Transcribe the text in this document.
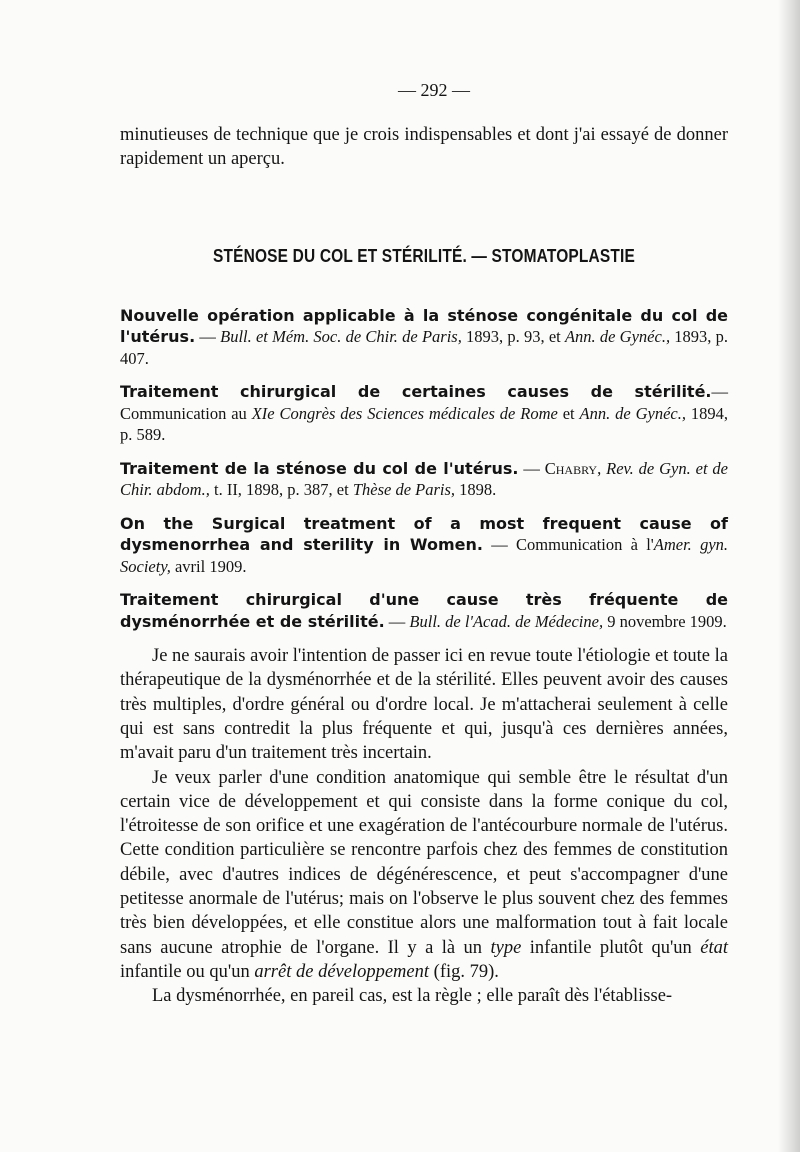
— 292 —

minutieuses de technique que je crois indispensables et dont j'ai essayé de donner rapidement un aperçu.

STÉNOSE DU COL ET STÉRILITÉ. — STOMATOPLASTIE
Nouvelle opération applicable à la sténose congénitale du col de l'utérus. — Bull. et Mém. Soc. de Chir. de Paris, 1893, p. 93, et Ann. de Gynéc., 1893, p. 407.
Traitement chirurgical de certaines causes de stérilité.— Communication au XIe Congrès des Sciences médicales de Rome et Ann. de Gynéc., 1894, p. 589.
Traitement de la sténose du col de l'utérus. — Chabry, Rev. de Gyn. et de Chir. abdom., t. II, 1898, p. 387, et Thèse de Paris, 1898.
On the Surgical treatment of a most frequent cause of dysmenorrhea and sterility in Women. — Communication à l'Amer. gyn. Society, avril 1909.
Traitement chirurgical d'une cause très fréquente de dysménorrhée et de stérilité. — Bull. de l'Acad. de Médecine, 9 novembre 1909.

Je ne saurais avoir l'intention de passer ici en revue toute l'étiologie et toute la thérapeutique de la dysménorrhée et de la stérilité. Elles peuvent avoir des causes très multiples, d'ordre général ou d'ordre local. Je m'attacherai seulement à celle qui est sans contredit la plus fréquente et qui, jusqu'à ces dernières années, m'avait paru d'un traitement très incertain.

Je veux parler d'une condition anatomique qui semble être le résultat d'un certain vice de développement et qui consiste dans la forme conique du col, l'étroitesse de son orifice et une exagération de l'antécourbure normale de l'utérus. Cette condition particulière se rencontre parfois chez des femmes de constitution débile, avec d'autres indices de dégénérescence, et peut s'accompagner d'une petitesse anormale de l'utérus; mais on l'observe le plus souvent chez des femmes très bien développées, et elle constitue alors une malformation tout à fait locale sans aucune atrophie de l'organe. Il y a là un type infantile plutôt qu'un état infantile ou qu'un arrêt de développement (fig. 79).

La dysménorrhée, en pareil cas, est la règle ; elle paraît dès l'établisse-
